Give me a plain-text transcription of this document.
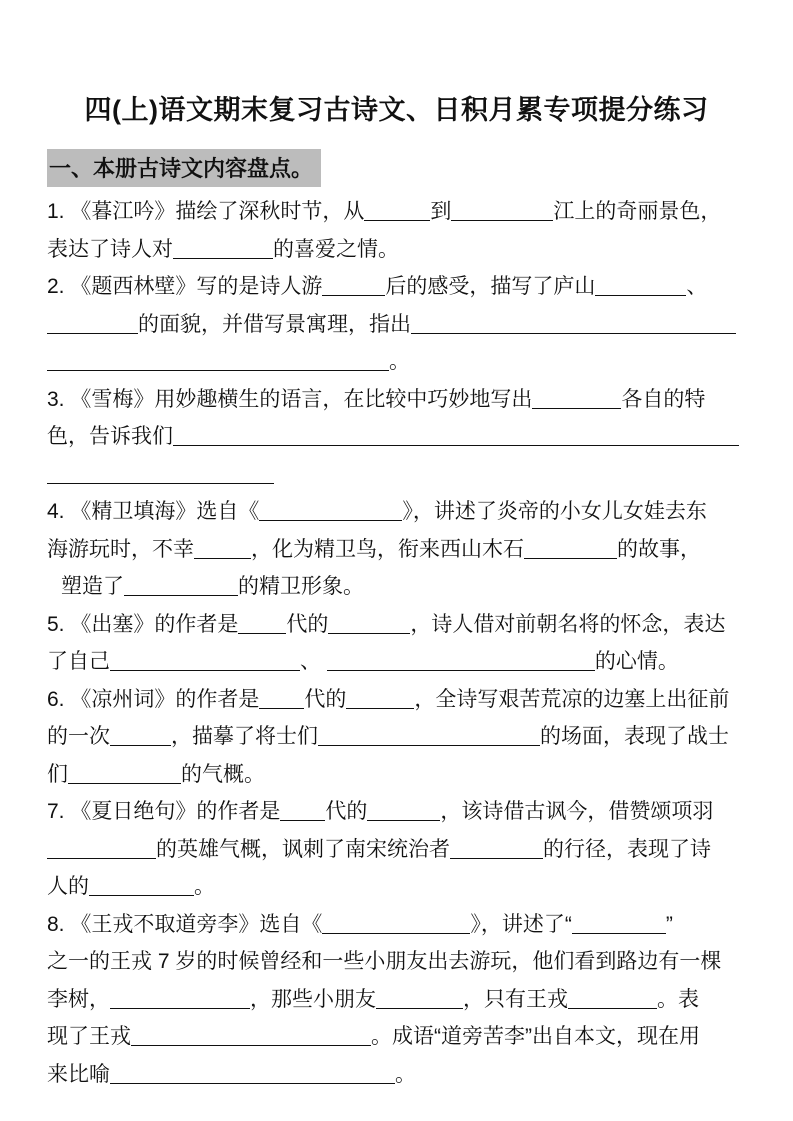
四(上)语文期末复习古诗文、日积月累专项提分练习
一、本册古诗文内容盘点。
1. 《暮江吟》描绘了深秋时节，从	到	江上的奇丽景色，
表达了诗人对	的喜爱之情。
2. 《题西林壁》写的是诗人游	后的感受，描写了庐山	、
的面貌，并借写景寓理，指出
。
3. 《雪梅》用妙趣横生的语言，在比较中巧妙地写出	各自的特
色，告诉我们
4. 《精卫填海》选自《	》，讲述了炎帝的小女儿女娃去东
海游玩时，不幸	，化为精卫鸟，衔来西山木石	的故事，
塑造了	的精卫形象。
5. 《出塞》的作者是 代的	，诗人借对前朝名将的怀念，表达
了自己	、	的心情。
6. 《凉州词》的作者是 代的	，全诗写艰苦荒凉的边塞上出征前
的一次	，描摹了将士们	的场面，表现了战士
们	的气概。
7. 《夏日绝句》的作者是 代的	，该诗借古讽今，借赞颂项羽
的英雄气概，讽刺了南宋统治者	的行径，表现了诗
人的	。
8. 《王戎不取道旁李》选自《	》，讲述了“	”
之一的王戎 7 岁的时候曾经和一些小朋友出去游玩，他们看到路边有一棵
李树，	，那些小朋友	，只有王戎	。表
现了王戎	。成语“道旁苦李”出自本文，现在用
来比喻	。
